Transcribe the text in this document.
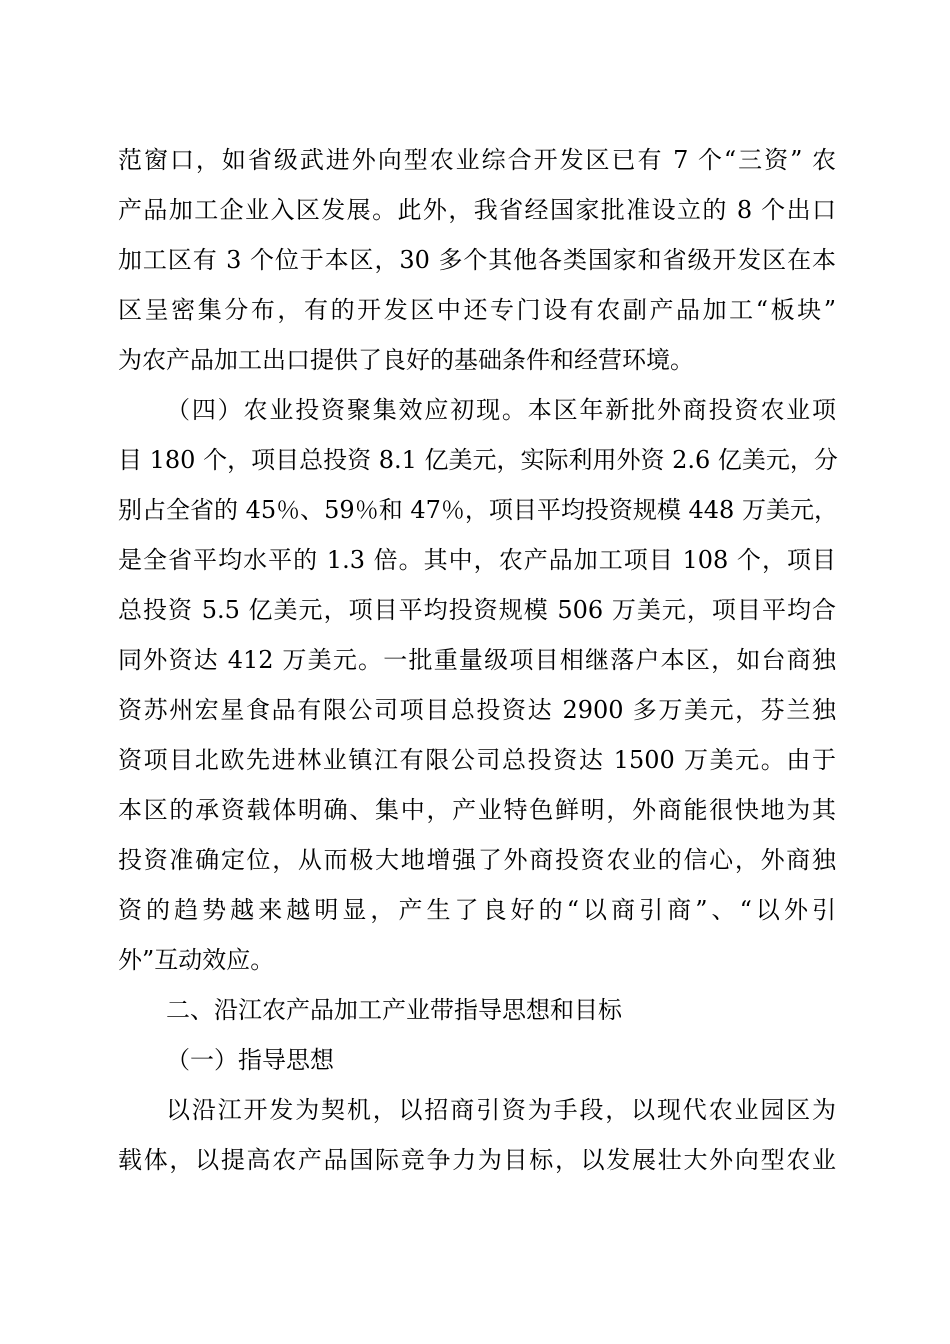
范窗口，如省级武进外向型农业综合开发区已有 7 个“三资” 农
产品加工企业入区发展。此外，我省经国家批准设立的 8 个出口
加工区有 3 个位于本区，30 多个其他各类国家和省级开发区在本
区呈密集分布，有的开发区中还专门设有农副产品加工“板块”
为农产品加工出口提供了良好的基础条件和经营环境。
（四）农业投资聚集效应初现。本区年新批外商投资农业项
目 180 个，项目总投资 8.1 亿美元，实际利用外资 2.6 亿美元，分
别占全省的 45％、59％和 47％，项目平均投资规模 448 万美元，
是全省平均水平的 1.3 倍。其中，农产品加工项目 108 个，项目
总投资 5.5 亿美元，项目平均投资规模 506 万美元，项目平均合
同外资达 412 万美元。一批重量级项目相继落户本区，如台商独
资苏州宏星食品有限公司项目总投资达 2900 多万美元，芬兰独
资项目北欧先进林业镇江有限公司总投资达 1500 万美元。由于
本区的承资载体明确、集中，产业特色鲜明，外商能很快地为其
投资准确定位，从而极大地增强了外商投资农业的信心，外商独
资的趋势越来越明显，产生了良好的“以商引商”、“以外引
外”互动效应。
二、沿江农产品加工产业带指导思想和目标
（一）指导思想
以沿江开发为契机，以招商引资为手段，以现代农业园区为
载体，以提高农产品国际竞争力为目标，以发展壮大外向型农业
